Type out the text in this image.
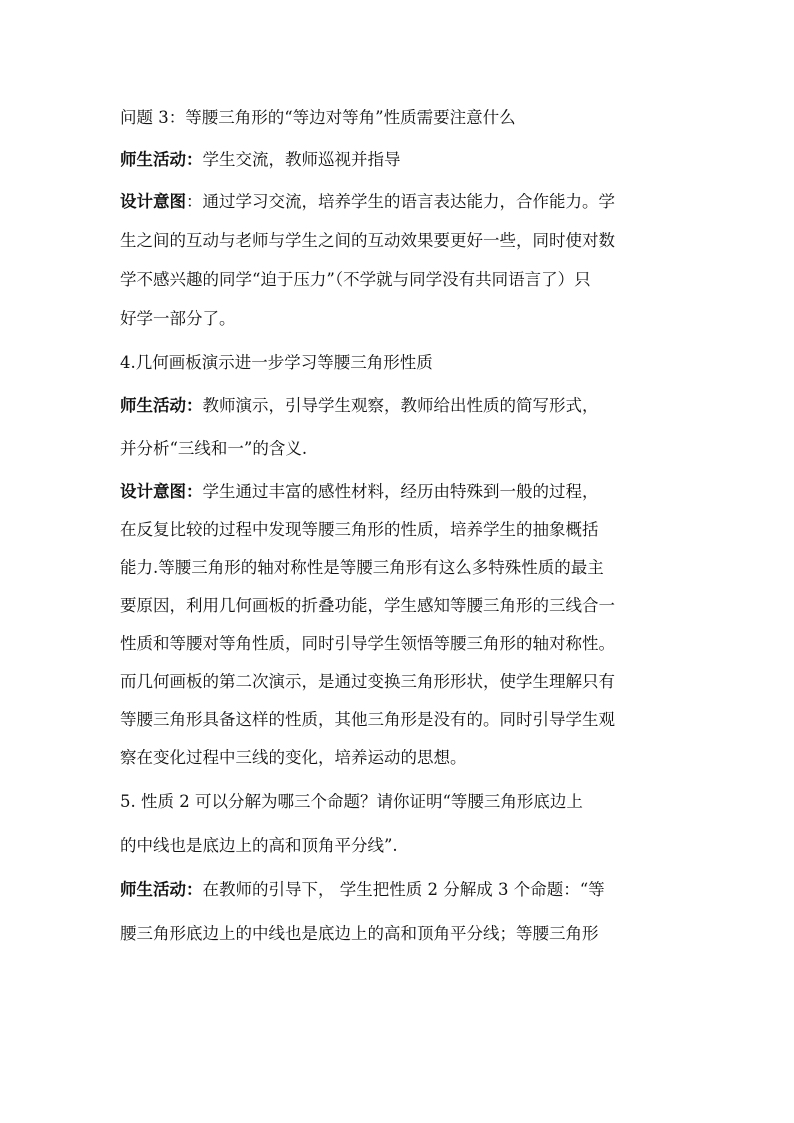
问题 3：等腰三角形的“等边对等角”性质需要注意什么
师生活动：学生交流，教师巡视并指导
设计意图：通过学习交流，培养学生的语言表达能力，合作能力。学
生之间的互动与老师与学生之间的互动效果要更好一些，同时使对数
学不感兴趣的同学“迫于压力”（不学就与同学没有共同语言了）只
好学一部分了。
4.几何画板演示进一步学习等腰三角形性质
师生活动：教师演示，引导学生观察，教师给出性质的简写形式，
并分析“三线和一”的含义.
设计意图：学生通过丰富的感性材料，经历由特殊到一般的过程，
在反复比较的过程中发现等腰三角形的性质，培养学生的抽象概括
能力.等腰三角形的轴对称性是等腰三角形有这么多特殊性质的最主
要原因，利用几何画板的折叠功能，学生感知等腰三角形的三线合一
性质和等腰对等角性质，同时引导学生领悟等腰三角形的轴对称性。
而几何画板的第二次演示，是通过变换三角形形状，使学生理解只有
等腰三角形具备这样的性质，其他三角形是没有的。同时引导学生观
察在变化过程中三线的变化，培养运动的思想。
5. 性质 2 可以分解为哪三个命题？请你证明“等腰三角形底边上
的中线也是底边上的高和顶角平分线”.
师生活动：在教师的引导下， 学生把性质 2 分解成 3 个命题：“等
腰三角形底边上的中线也是底边上的高和顶角平分线；等腰三角形
